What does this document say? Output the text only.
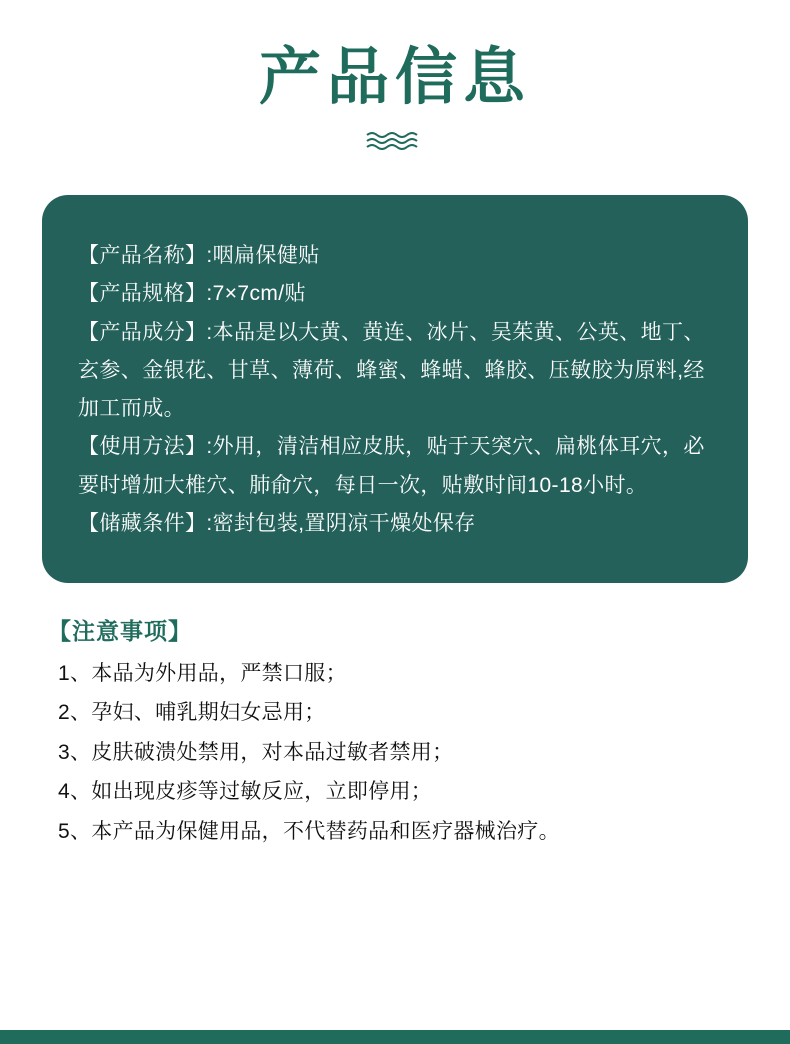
产品信息
【产品名称】:咽扁保健贴
【产品规格】:7×7cm/贴
【产品成分】:本品是以大黄、黄连、冰片、吴茱黄、公英、地丁、玄参、金银花、甘草、薄荷、蜂蜜、蜂蜡、蜂胶、压敏胶为原料,经加工而成。
【使用方法】:外用，清洁相应皮肤，贴于天突穴、扁桃体耳穴，必要时增加大椎穴、肺俞穴，每日一次，贴敷时间10-18小时。
【储藏条件】:密封包装,置阴凉干燥处保存
【注意事项】
1、本品为外用品，严禁口服；
2、孕妇、哺乳期妇女忌用；
3、皮肤破溃处禁用，对本品过敏者禁用；
4、如出现皮疹等过敏反应，立即停用；
5、本产品为保健用品，不代替药品和医疗器械治疗。
